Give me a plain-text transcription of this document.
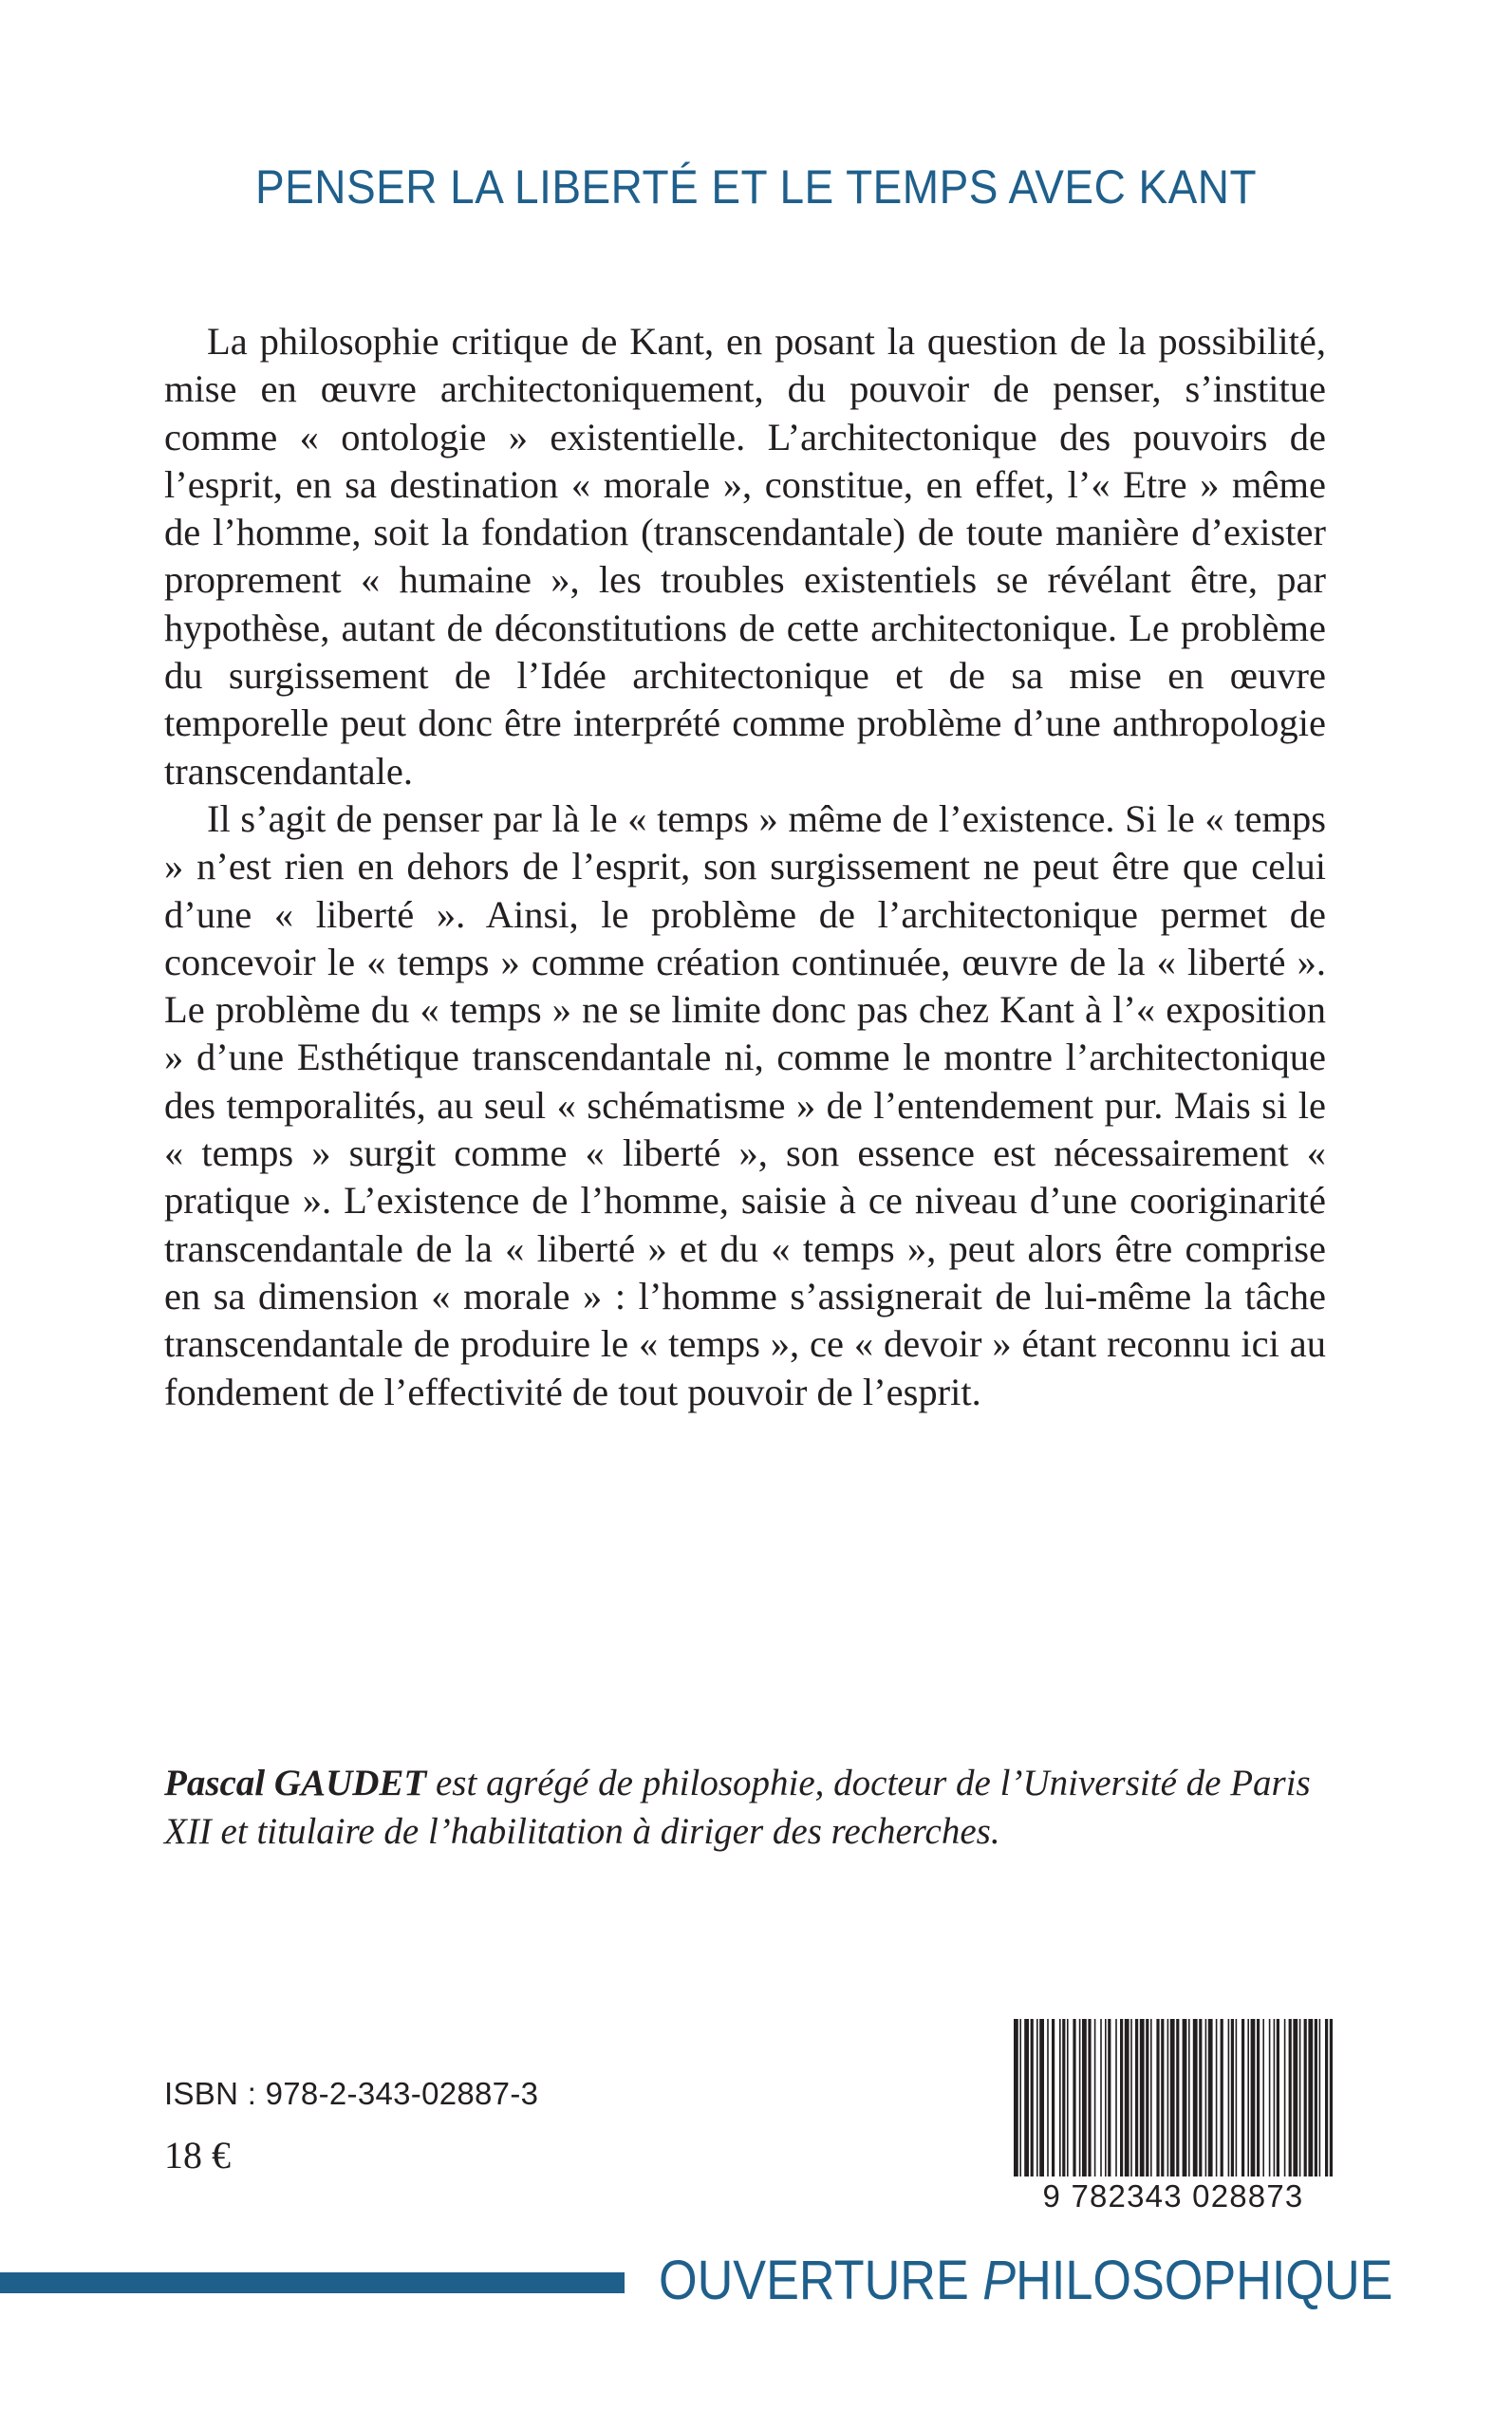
PENSER LA LIBERTÉ ET LE TEMPS AVEC KANT

La philosophie critique de Kant, en posant la question de la possibilité, mise en œuvre architectoniquement, du pouvoir de penser, s’institue comme « ontologie » existentielle. L’architectonique des pouvoirs de l’esprit, en sa destination « morale », constitue, en effet, l’« Etre » même de l’homme, soit la fondation (transcendantale) de toute manière d’exister proprement « humaine », les troubles existentiels se révélant être, par hypothèse, autant de déconstitutions de cette architectonique. Le problème du surgissement de l’Idée architectonique et de sa mise en œuvre temporelle peut donc être interprété comme problème d’une anthropologie transcendantale.

Il s’agit de penser par là le « temps » même de l’existence. Si le « temps » n’est rien en dehors de l’esprit, son surgissement ne peut être que celui d’une « liberté ». Ainsi, le problème de l’architectonique permet de concevoir le « temps » comme création continuée, œuvre de la « liberté ». Le problème du « temps » ne se limite donc pas chez Kant à l’« exposition » d’une Esthétique transcendantale ni, comme le montre l’architectonique des temporalités, au seul « schématisme » de l’entendement pur. Mais si le « temps » surgit comme « liberté », son essence est nécessairement « pratique ». L’existence de l’homme, saisie à ce niveau d’une cooriginarité transcendantale de la « liberté » et du « temps », peut alors être comprise en sa dimension « morale » : l’homme s’assignerait de lui-même la tâche transcendantale de produire le « temps », ce « devoir » étant reconnu ici au fondement de l’effectivité de tout pouvoir de l’esprit.

Pascal GAUDET est agrégé de philosophie, docteur de l’Université de Paris XII et titulaire de l’habilitation à diriger des recherches.

ISBN : 978-2-343-02887-3

18 €

9 782343 028873

OUVERTURE PHILOSOPHIQUE
